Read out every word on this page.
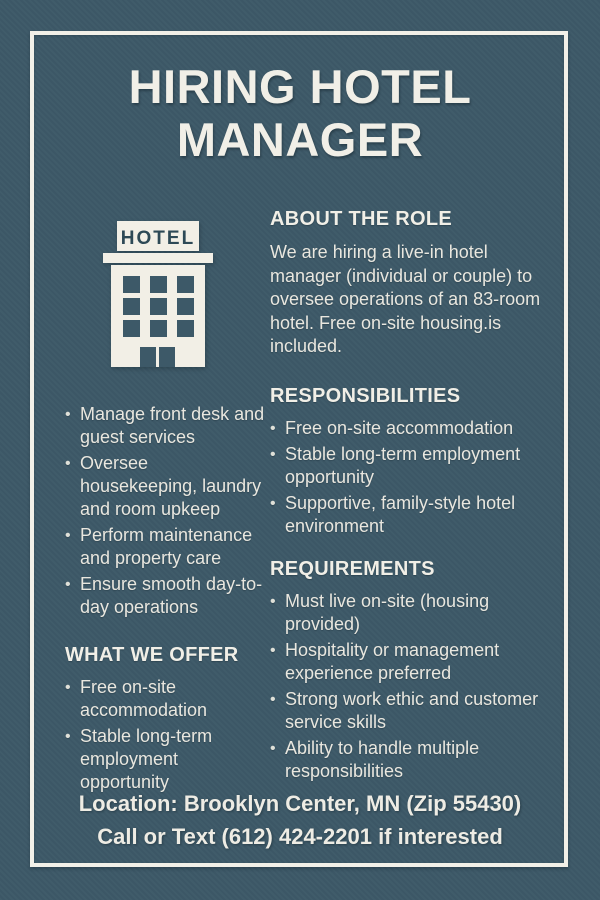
HIRING HOTEL MANAGER
HOTEL
• Manage front desk and guest services
• Oversee housekeeping, laundry and room upkeep
• Perform maintenance and property care
• Ensure smooth day-to-day operations
WHAT WE OFFER
• Free on-site accommodation
• Stable long-term employment opportunity
ABOUT THE ROLE

We are hiring a live-in hotel manager (individual or couple) to oversee operations of an 83-room hotel. Free on-site housing.is included.

RESPONSIBILITIES
• Free on-site accommodation
• Stable long-term employment opportunity
• Supportive, family-style hotel environment
REQUIREMENTS
• Must live on-site (housing provided)
• Hospitality or management experience preferred
• Strong work ethic and customer service skills
• Ability to handle multiple responsibilities
Location: Brooklyn Center, MN (Zip 55430)
Call or Text (612) 424-2201 if interested
